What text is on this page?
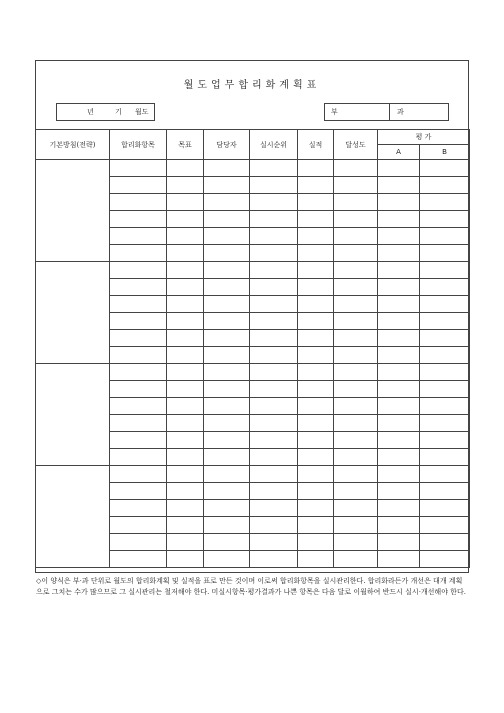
월도업무합리화계획표
년	기 월도	부	과
기본방침(전략)	합리화항목	목표	담당자	실시순위	실적	달성도	평 가	
							A	B

◇이 양식은 부·과 단위로 월도의 합리화계획 및 실적을 표로 만든 것이며 이로써 합리화항목을 실시관리한다. 합리화라든가 개선은 대개 계획으로 그치는 수가 많으므로 그 실시관리는 철저해야 한다. 미실시항목·평가결과가 나쁜 항목은 다음 달로 이월하여 반드시 실시·개선해야 한다.
